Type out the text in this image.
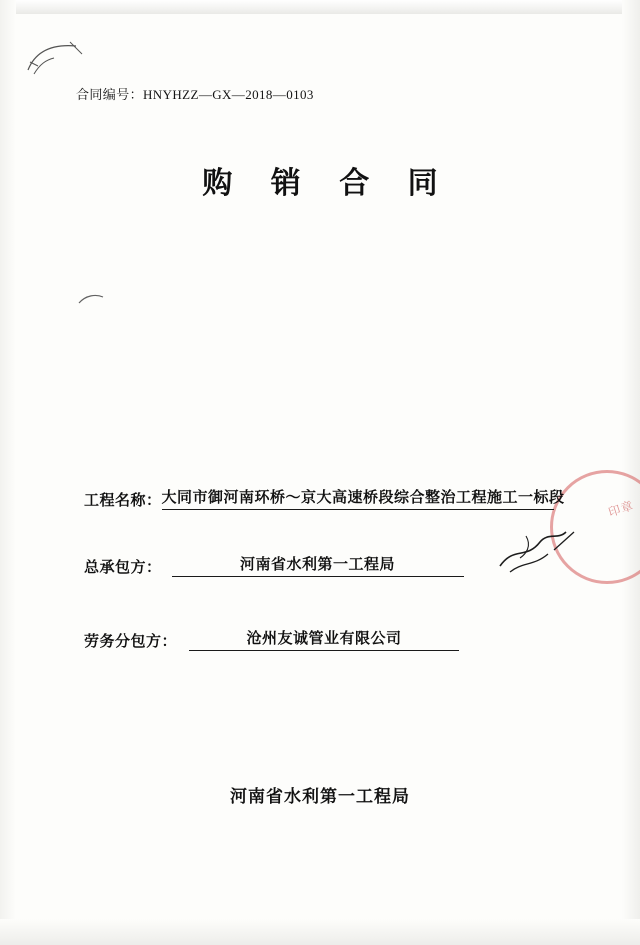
合同编号：HNYHZZ—GX—2018—0103
购 销 合 同
印章
工程名称： 大同市御河南环桥～京大高速桥段综合整治工程施工一标段
总承包方：	河南省水利第一工程局
劳务分包方：	沧州友诚管业有限公司
河南省水利第一工程局
